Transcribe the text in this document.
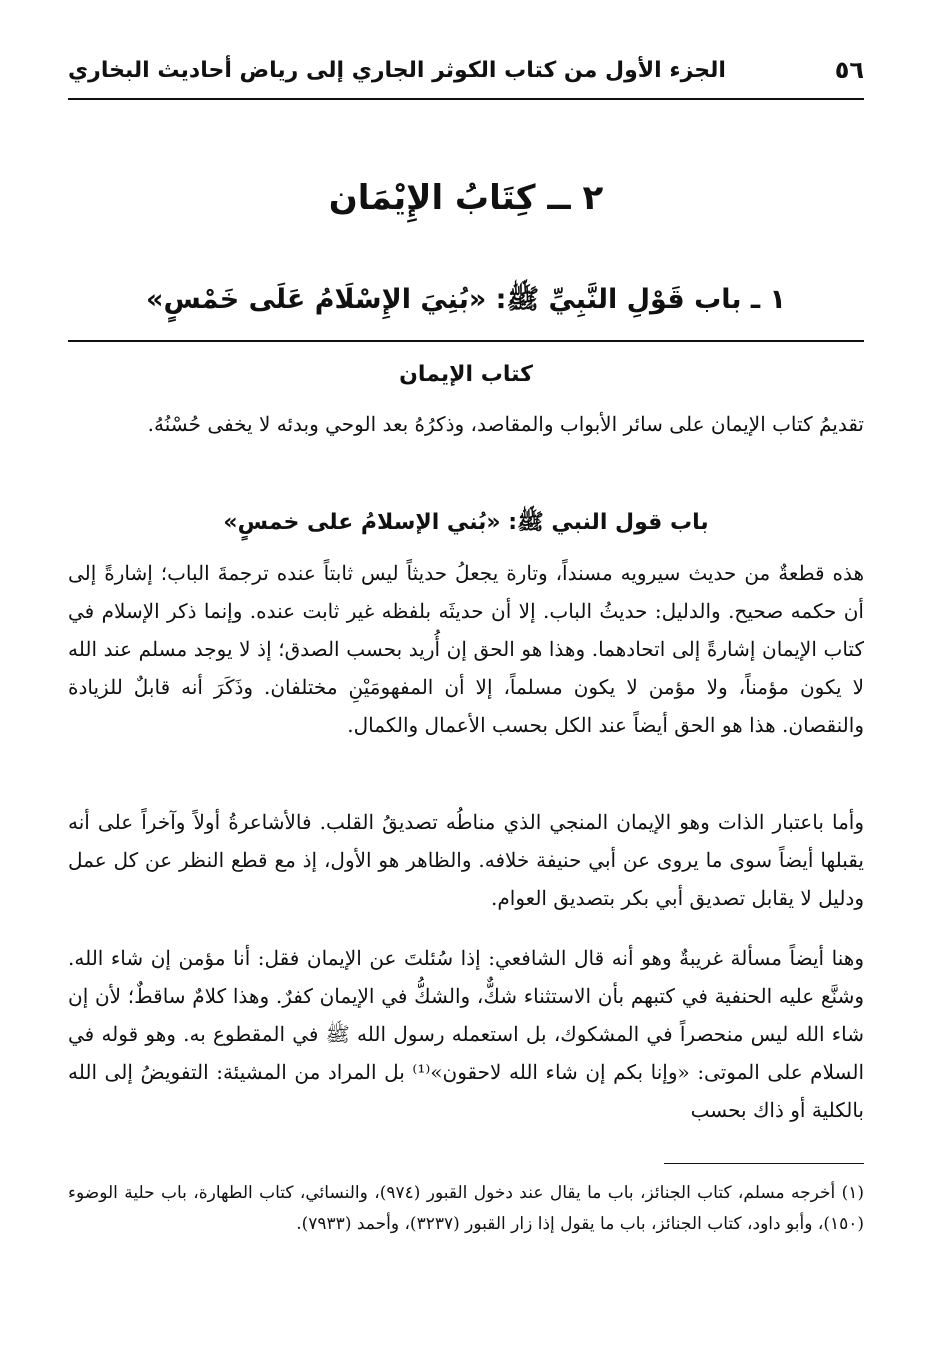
٥٦
الجزء الأول من كتاب الكوثر الجاري إلى رياض أحاديث البخاري
٢ ــ كِتَابُ الإِيْمَان
١ ـ باب قَوْلِ النَّبِيِّ ﷺ: «بُنِيَ الإِسْلَامُ عَلَى خَمْسٍ»
كتاب الإيمان

تقديمُ كتاب الإيمان على سائر الأبواب والمقاصد، وذكرُهُ بعد الوحي وبدئه لا يخفى حُسْنُهُ.

باب قول النبي ﷺ: «بُني الإسلامُ على خمسٍ»

هذه قطعةٌ من حديث سيرويه مسنداً، وتارة يجعلُ حديثاً ليس ثابتاً عنده ترجمةَ الباب؛ إشارةً إلى أن حكمه صحيح. والدليل: حديثُ الباب. إلا أن حديثَه بلفظه غير ثابت عنده. وإنما ذكر الإسلام في كتاب الإيمان إشارةً إلى اتحادهما. وهذا هو الحق إن أُريد بحسب الصدق؛ إذ لا يوجد مسلم عند الله لا يكون مؤمناً، ولا مؤمن لا يكون مسلماً، إلا أن المفهومَيْنِ مختلفان. وذَكَرَ أنه قابلٌ للزيادة والنقصان. هذا هو الحق أيضاً عند الكل بحسب الأعمال والكمال.

وأما باعتبار الذات وهو الإيمان المنجي الذي مناطُه تصديقُ القلب. فالأشاعرةُ أولاً وآخراً على أنه يقبلها أيضاً سوى ما يروى عن أبي حنيفة خلافه. والظاهر هو الأول، إذ مع قطع النظر عن كل عمل ودليل لا يقابل تصديق أبي بكر بتصديق العوام.

وهنا أيضاً مسألة غريبةٌ وهو أنه قال الشافعي: إذا سُئلتَ عن الإيمان فقل: أنا مؤمن إن شاء الله. وشنَّع عليه الحنفية في كتبهم بأن الاستثناء شكٌّ، والشكُّ في الإيمان كفرٌ. وهذا كلامٌ ساقطٌ؛ لأن إن شاء الله ليس منحصراً في المشكوك، بل استعمله رسول الله ﷺ في المقطوع به. وهو قوله في السلام على الموتى: «وإنا بكم إن شاء الله لاحقون»⁽¹⁾ بل المراد من المشيئة: التفويضُ إلى الله بالكلية أو ذاك بحسب

(١) أخرجه مسلم، كتاب الجنائز، باب ما يقال عند دخول القبور (٩٧٤)، والنسائي، كتاب الطهارة، باب حلية الوضوء (١٥٠)، وأبو داود، كتاب الجنائز، باب ما يقول إذا زار القبور (٣٢٣٧)، وأحمد (٧٩٣٣).
